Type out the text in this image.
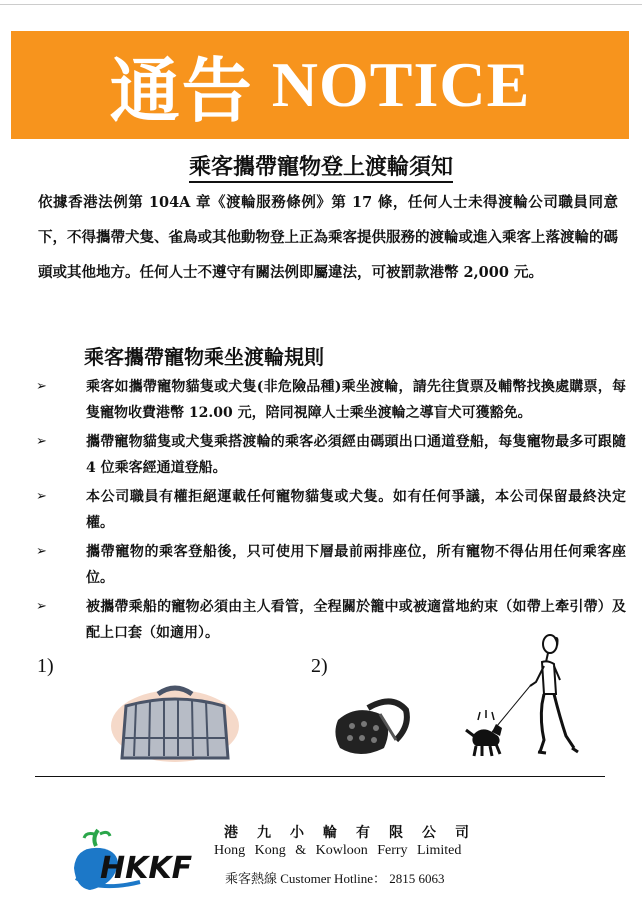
通告 NOTICE
乘客攜帶寵物登上渡輪須知
依據香港法例第 104A 章《渡輪服務條例》第 17 條，任何人士未得渡輪公司職員同意下，不得攜帶犬隻、雀鳥或其他動物登上正為乘客提供服務的渡輪或進入乘客上落渡輪的碼頭或其他地方。任何人士不遵守有關法例即屬違法，可被罰款港幣 2,000 元。
乘客攜帶寵物乘坐渡輪規則
➢	乘客如攜帶寵物貓隻或犬隻(非危險品種)乘坐渡輪，請先往貨票及輔幣找換處購票，每隻寵物收費港幣 12.00 元，陪同視障人士乘坐渡輪之導盲犬可獲豁免。
➢	攜帶寵物貓隻或犬隻乘搭渡輪的乘客必須經由碼頭出口通道登船，每隻寵物最多可跟隨 4 位乘客經通道登船。
➢	本公司職員有權拒絕運載任何寵物貓隻或犬隻。如有任何爭議，本公司保留最終決定權。
➢	攜帶寵物的乘客登船後，只可使用下層最前兩排座位，所有寵物不得佔用任何乘客座位。
➢	被攜帶乘船的寵物必須由主人看管，全程關於籠中或被適當地約束（如帶上牽引帶）及配上口套（如適用）。
1)	2)
HKKF
港九小輪有限公司
Hong Kong & Kowloon Ferry Limited
乘客熱線 Customer Hotline： 2815 6063
